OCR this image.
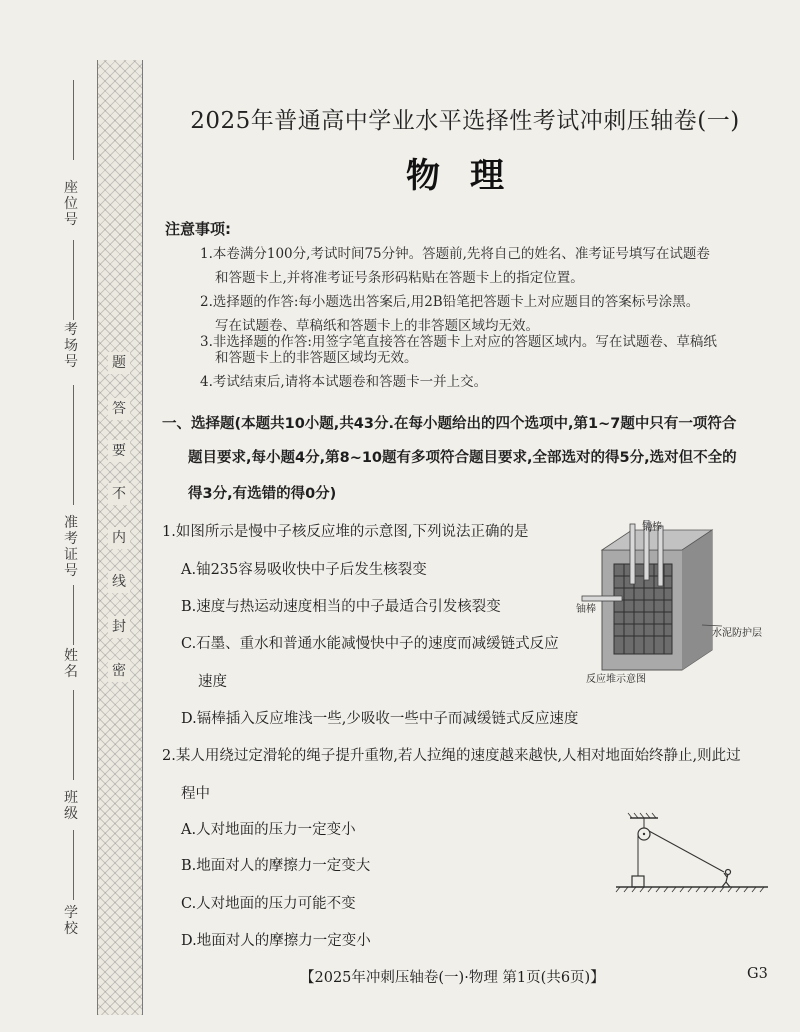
题
答
要
不
内
线
封
密
座位号
考场号
准考证号
姓名
班级
学校
2025年普通高中学业水平选择性考试冲刺压轴卷(一)
物理
注意事项:
1.本卷满分100分,考试时间75分钟。答题前,先将自己的姓名、准考证号填写在试题卷
和答题卡上,并将准考证号条形码粘贴在答题卡上的指定位置。
2.选择题的作答:每小题选出答案后,用2B铅笔把答题卡上对应题目的答案标号涂黑。
写在试题卷、草稿纸和答题卡上的非答题区域均无效。
3.非选择题的作答:用签字笔直接答在答题卡上对应的答题区域内。写在试题卷、草稿纸
和答题卡上的非答题区域均无效。
4.考试结束后,请将本试题卷和答题卡一并上交。
一、选择题(本题共10小题,共43分.在每小题给出的四个选项中,第1~7题中只有一项符合
题目要求,每小题4分,第8~10题有多项符合题目要求,全部选对的得5分,选对但不全的
得3分,有选错的得0分)
1.如图所示是慢中子核反应堆的示意图,下列说法正确的是
A.铀235容易吸收快中子后发生核裂变
B.速度与热运动速度相当的中子最适合引发核裂变
C.石墨、重水和普通水能减慢快中子的速度而减缓链式反应
速度
D.镉棒插入反应堆浅一些,少吸收一些中子而减缓链式反应速度
镉棒
铀棒
水泥防护层
反应堆示意图
2.某人用绕过定滑轮的绳子提升重物,若人拉绳的速度越来越快,人相对地面始终静止,则此过
程中
A.人对地面的压力一定变小
B.地面对人的摩擦力一定变大
C.人对地面的压力可能不变
D.地面对人的摩擦力一定变小
【2025年冲刺压轴卷(一)·物理 第1页(共6页)】	G3
